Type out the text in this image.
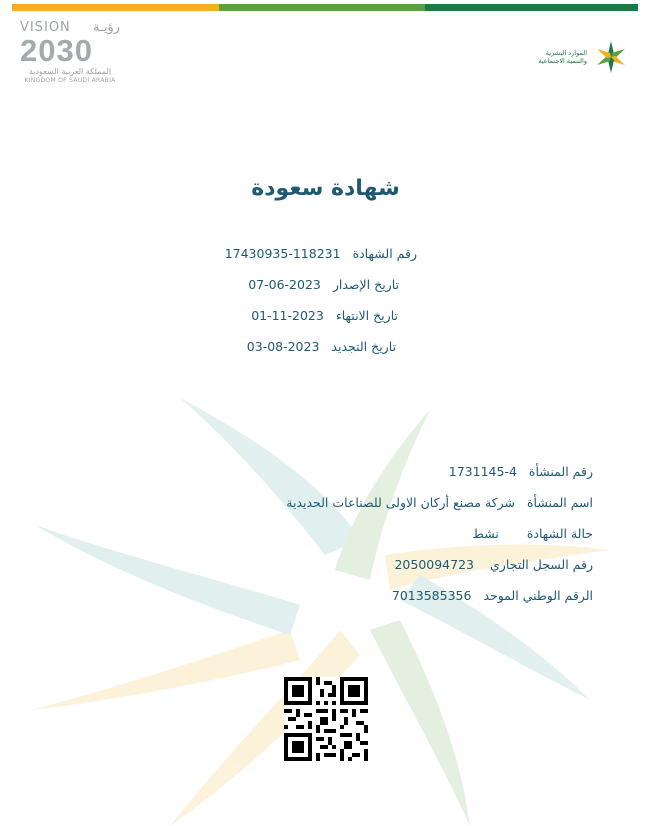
VISION رؤيـة
2030
المملكة العربية السعودية
KINGDOM OF SAUDI ARABIA
الموارد البشرية
والتنمية الاجتماعية
شهادة سعودة
رقم الشهادة118231-17430935
تاريخ الإصدار2023-06-07
تاريخ الانتهاء2023-11-01
تاريخ التجديد2023-08-03
رقم المنشأة4-1731145
اسم المنشأةشركة مصنع أركان الاولى للصناعات الحديدية
حالة الشهادةنشط
رقم السجل التجاري2050094723
الرقم الوطني الموحد7013585356
